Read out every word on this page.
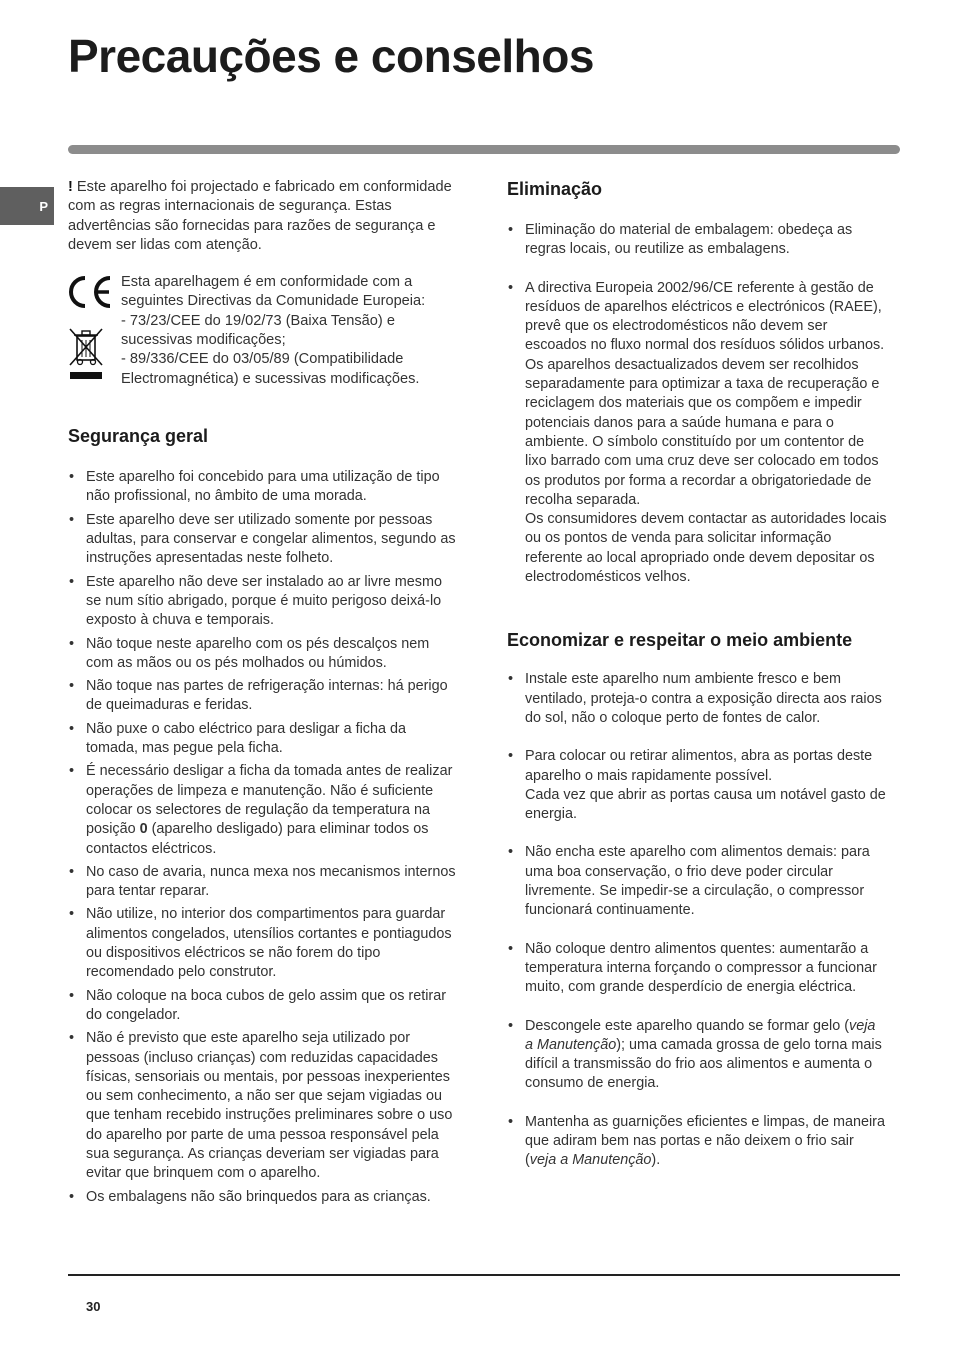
Precauções e conselhos
P

! Este aparelho foi projectado e fabricado em conformidade com as regras internacionais de segurança. Estas advertências são fornecidas para razões de segurança e devem ser lidas com atenção.

Esta aparelhagem é em conformidade com a seguintes Directivas da Comunidade Europeia:
- 73/23/CEE do 19/02/73 (Baixa Tensão) e sucessivas modificações;
- 89/336/CEE do 03/05/89 (Compatibilidade Electromagnética) e sucessivas modificações.
Segurança geral
• Este aparelho foi concebido para uma utilização de tipo não profissional, no âmbito de uma morada.
• Este aparelho deve ser utilizado somente por pessoas adultas, para conservar e congelar alimentos, segundo as instruções apresentadas neste folheto.
• Este aparelho não deve ser instalado ao ar livre mesmo se num sítio abrigado, porque é muito perigoso deixá-lo exposto à chuva e temporais.
• Não toque neste aparelho com os pés descalços nem com as mãos ou os pés molhados ou húmidos.
• Não toque nas partes de refrigeração internas: há perigo de queimaduras e feridas.
• Não puxe o cabo eléctrico para desligar a ficha da tomada, mas pegue pela ficha.
• É necessário desligar a ficha da tomada antes de realizar operações de limpeza e manutenção. Não é suficiente colocar os selectores de regulação da temperatura na posição 0 (aparelho desligado) para eliminar todos os contactos eléctricos.
• No caso de avaria, nunca mexa nos mecanismos internos para tentar reparar.
• Não utilize, no interior dos compartimentos para guardar alimentos congelados, utensílios cortantes e pontiagudos ou dispositivos eléctricos se não forem do tipo recomendado pelo construtor.
• Não coloque na boca cubos de gelo assim que os retirar do congelador.
• Não é previsto que este aparelho seja utilizado por pessoas (incluso crianças) com reduzidas capacidades físicas, sensoriais ou mentais, por pessoas inexperientes ou sem conhecimento, a não ser que sejam vigiadas ou que tenham recebido instruções preliminares sobre o uso do aparelho por parte de uma pessoa responsável pela sua segurança. As crianças deveriam ser vigiadas para evitar que brinquem com o aparelho.
• Os embalagens não são brinquedos para as crianças.
Eliminação
• Eliminação do material de embalagem: obedeça as regras locais, ou reutilize as embalagens.
• A directiva Europeia 2002/96/CE referente à gestão de resíduos de aparelhos eléctricos e electrónicos (RAEE), prevê que os electrodomésticos não devem ser escoados no fluxo normal dos resíduos sólidos urbanos. Os aparelhos desactualizados devem ser recolhidos separadamente para optimizar a taxa de recuperação e reciclagem dos materiais que os compõem e impedir potenciais danos para a saúde humana e para o ambiente. O símbolo constituído por um contentor de lixo barrado com uma cruz deve ser colocado em todos os produtos por forma a recordar a obrigatoriedade de recolha separada.
Os consumidores devem contactar as autoridades locais ou os pontos de venda para solicitar informação referente ao local apropriado onde devem depositar os electrodomésticos velhos.
Economizar e respeitar o meio ambiente
• Instale este aparelho num ambiente fresco e bem ventilado, proteja-o contra a exposição directa aos raios do sol, não o coloque perto de fontes de calor.
• Para colocar ou retirar alimentos, abra as portas deste aparelho o mais rapidamente possível.
Cada vez que abrir as portas causa um notável gasto de energia.
• Não encha este aparelho com alimentos demais: para uma boa conservação, o frio deve poder circular livremente. Se impedir-se a circulação, o compressor funcionará continuamente.
• Não coloque dentro alimentos quentes: aumentarão a temperatura interna forçando o compressor a funcionar muito, com grande desperdício de energia eléctrica.
• Descongele este aparelho quando se formar gelo (veja a Manutenção); uma camada grossa de gelo torna mais difícil a transmissão do frio aos alimentos e aumenta o consumo de energia.
• Mantenha as guarnições eficientes e limpas, de maneira que adiram bem nas portas e não deixem o frio sair (veja a Manutenção).
30
